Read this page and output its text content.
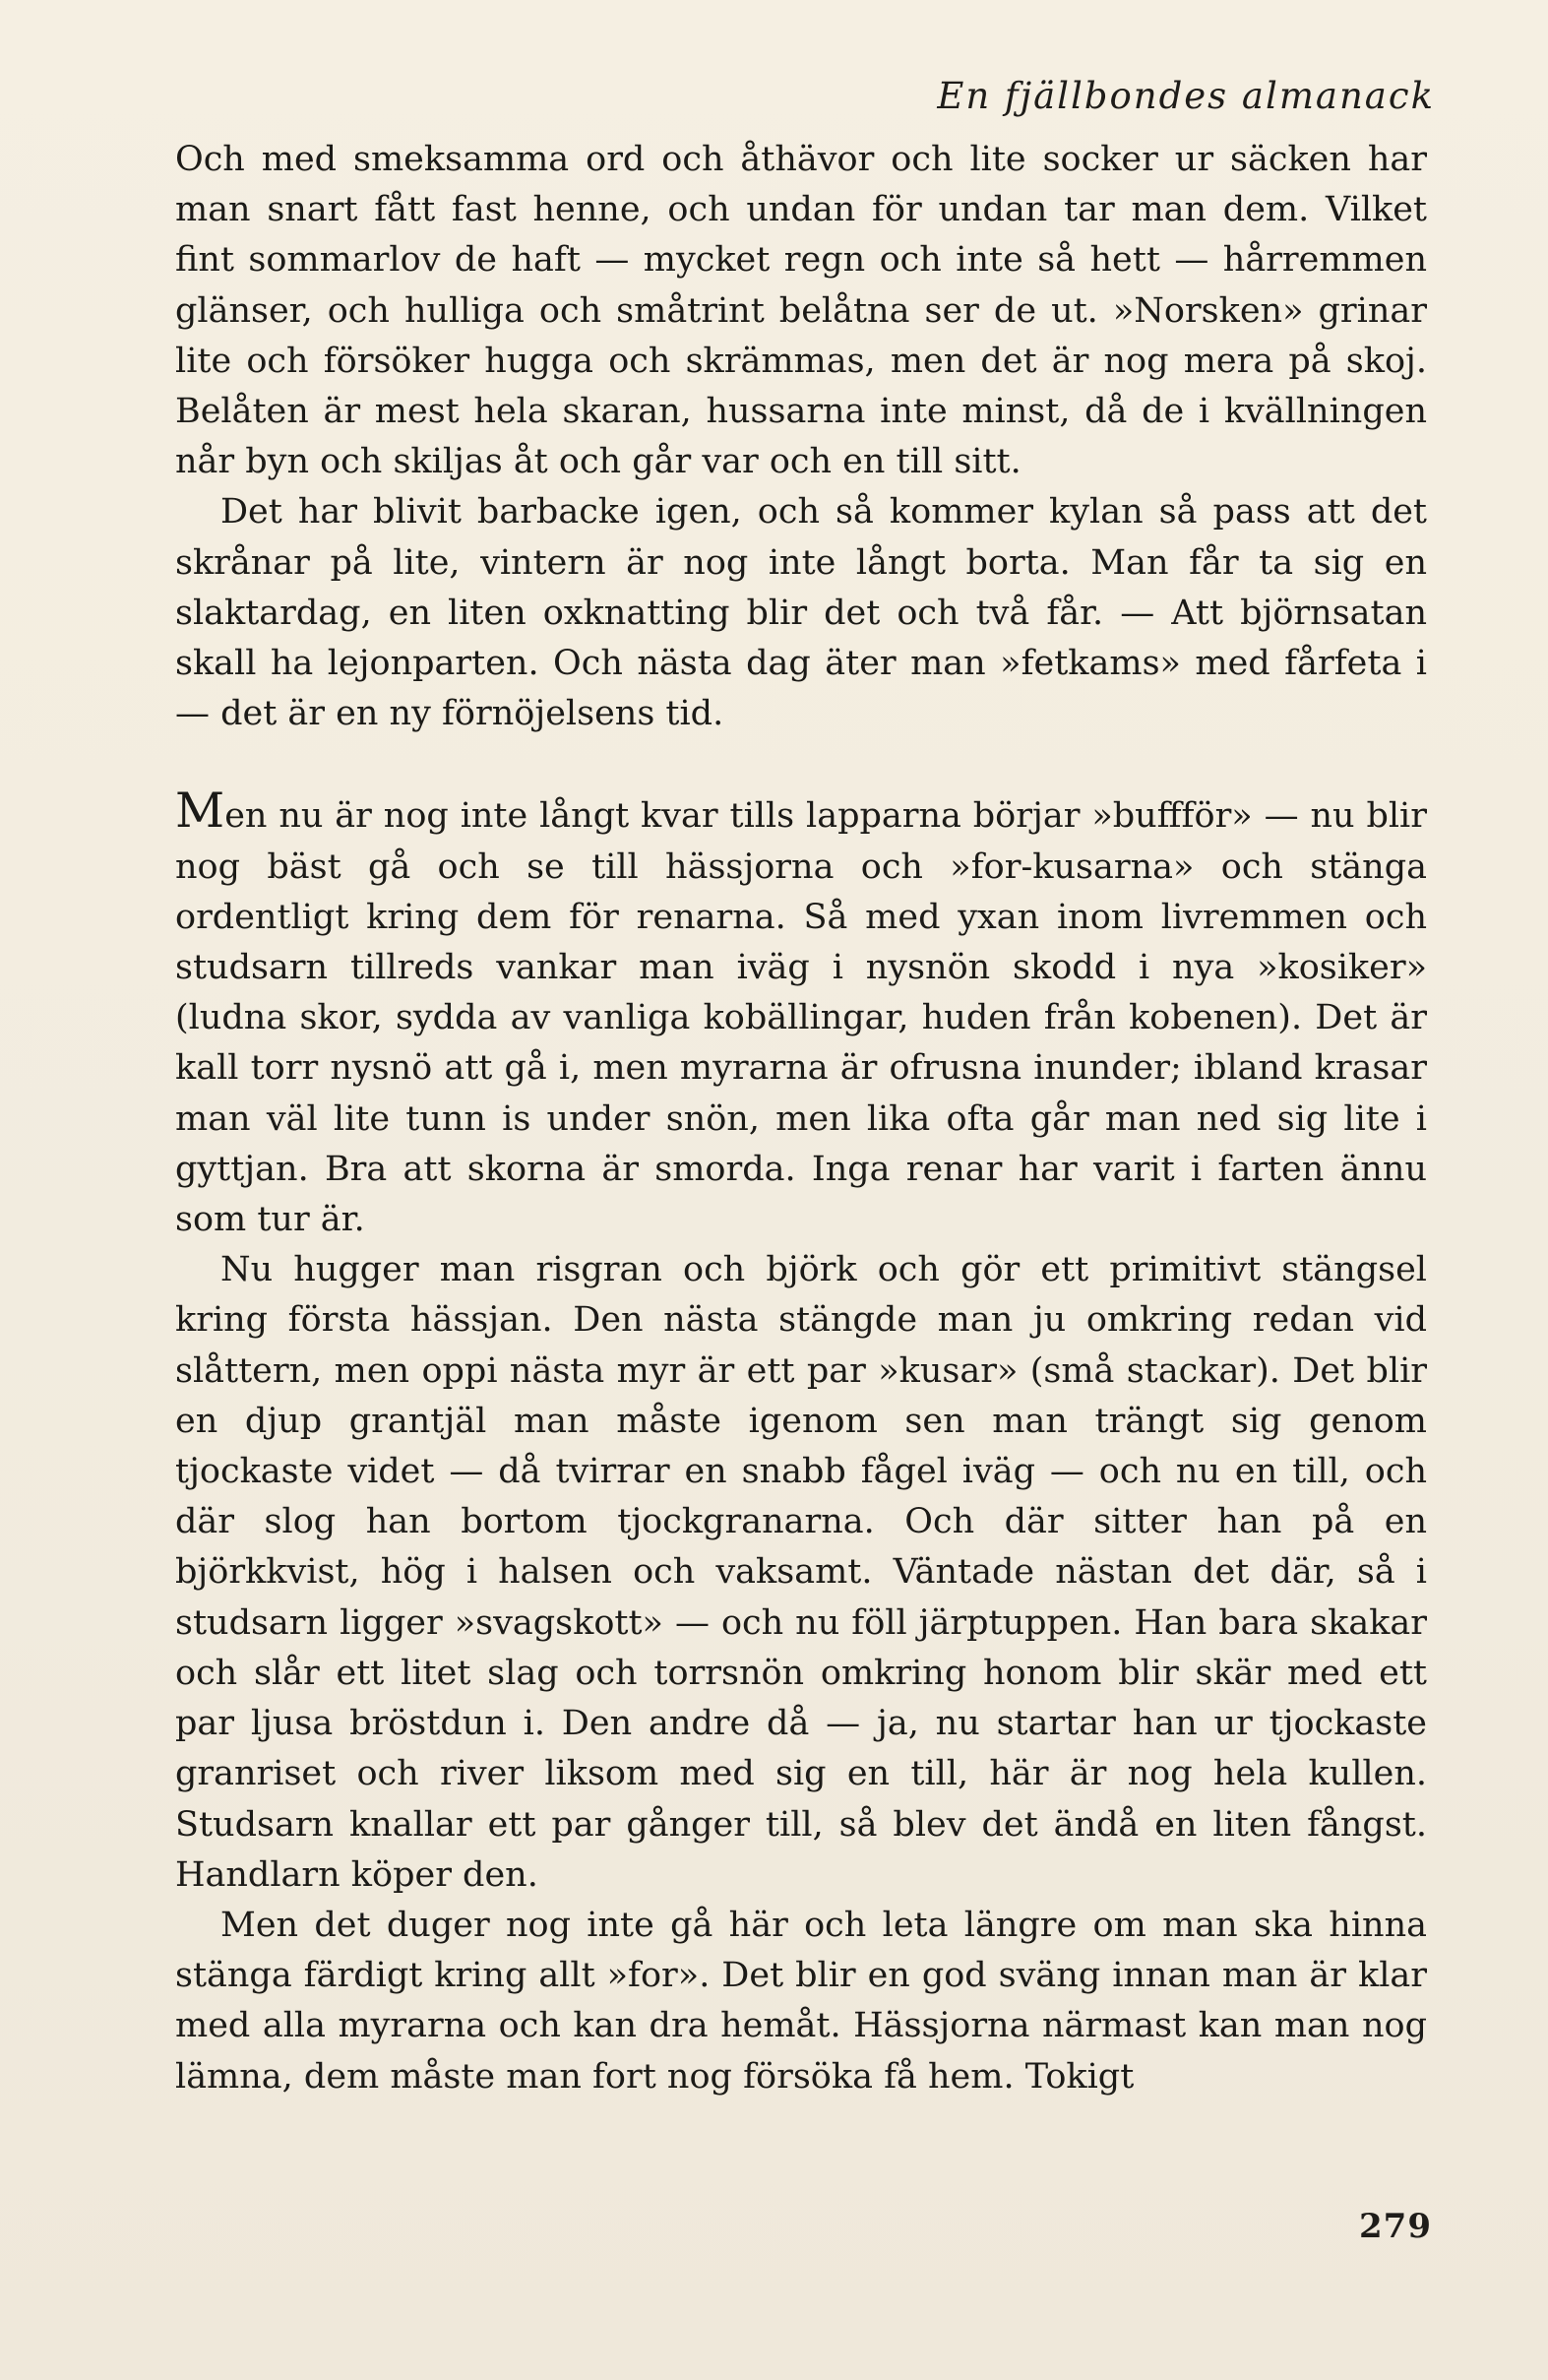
En fjällbondes almanack

Och med smeksamma ord och åthävor och lite socker ur säcken har man snart fått fast henne, och undan för undan tar man dem. Vilket fint sommarlov de haft — mycket regn och inte så hett — hårremmen glänser, och hulliga och småtrint belåtna ser de ut. »Norsken» grinar lite och försöker hugga och skrämmas, men det är nog mera på skoj. Belåten är mest hela skaran, hussarna inte minst, då de i kvällningen når byn och skiljas åt och går var och en till sitt.

Det har blivit barbacke igen, och så kommer kylan så pass att det skrånar på lite, vintern är nog inte långt borta. Man får ta sig en slaktardag, en liten oxknatting blir det och två får. — Att björnsatan skall ha lejonparten. Och nästa dag äter man »fetkams» med fårfeta i — det är en ny förnöjelsens tid.

Men nu är nog inte långt kvar tills lapparna börjar »buffför» — nu blir nog bäst gå och se till hässjorna och »for-kusarna» och stänga ordentligt kring dem för renarna. Så med yxan inom livremmen och studsarn tillreds vankar man iväg i nysnön skodd i nya »kosiker» (ludna skor, sydda av vanliga kobällingar, huden från kobenen). Det är kall torr nysnö att gå i, men myrarna är ofrusna inunder; ibland krasar man väl lite tunn is under snön, men lika ofta går man ned sig lite i gyttjan. Bra att skorna är smorda. Inga renar har varit i farten ännu som tur är.

Nu hugger man risgran och björk och gör ett primitivt stängsel kring första hässjan. Den nästa stängde man ju omkring redan vid slåttern, men oppi nästa myr är ett par »kusar» (små stackar). Det blir en djup grantjäl man måste igenom sen man trängt sig genom tjockaste videt — då tvirrar en snabb fågel iväg — och nu en till, och där slog han bortom tjockgranarna. Och där sitter han på en björkkvist, hög i halsen och vaksamt. Väntade nästan det där, så i studsarn ligger »svagskott» — och nu föll järptuppen. Han bara skakar och slår ett litet slag och torrsnön omkring honom blir skär med ett par ljusa bröstdun i. Den andre då — ja, nu startar han ur tjockaste granriset och river liksom med sig en till, här är nog hela kullen. Studsarn knallar ett par gånger till, så blev det ändå en liten fångst. Handlarn köper den.

Men det duger nog inte gå här och leta längre om man ska hinna stänga färdigt kring allt »for». Det blir en god sväng innan man är klar med alla myrarna och kan dra hemåt. Hässjorna närmast kan man nog lämna, dem måste man fort nog försöka få hem. Tokigt

279
